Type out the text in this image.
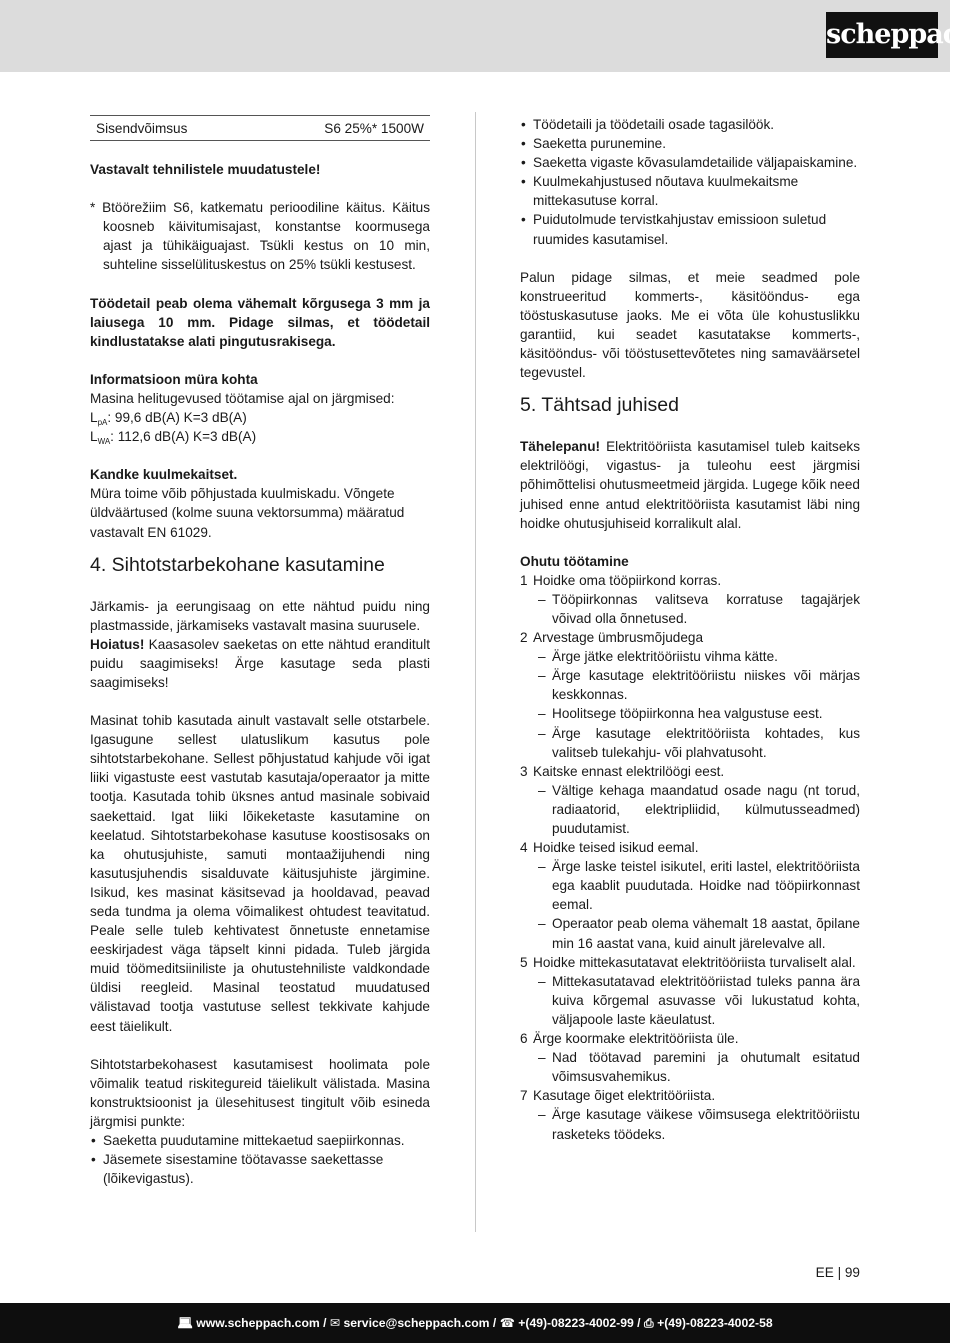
scheppach
Sisendvõimsus	S6 25%* 1500W

Vastavalt tehnilistele muudatustele!

* Btöörežiim S6, katkematu perioodiline käitus. Käitus koosneb käivitumisajast, konstantse koormusega ajast ja tühikäiguajast. Tsükli kestus on 10 min, suhteline sisselülituskestus on 25% tsükli kestusest.

Töödetail peab olema vähemalt kõrgusega 3 mm ja laiusega 10 mm. Pidage silmas, et töödetail kindlustatakse alati pingutusrakisega.

Informatsioon müra kohta

Masina helitugevused töötamise ajal on järgmised:

$L_{pA}$: 99,6 dB(A) K=3 dB(A)

$L_{WA}$: 112,6 dB(A) K=3 dB(A)

Kandke kuulmekaitset.

Müra toime võib põhjustada kuulmiskadu. Võngete üldväärtused (kolme suuna vektorsumma) määratud vastavalt EN 61029.

4. Sihtotstarbekohane kasutamine

Järkamis- ja eerungisaag on ette nähtud puidu ning plastmasside, järkamiseks vastavalt masina suurusele.

Hoiatus! Kaasasolev saeketas on ette nähtud eranditult puidu saagimiseks! Ärge kasutage seda plasti saagimiseks!

Masinat tohib kasutada ainult vastavalt selle otstarbele. Igasugune sellest ulatuslikum kasutus pole sihtotstarbekohane. Sellest põhjustatud kahjude või igat liiki vigastuste eest vastutab kasutaja/operaator ja mitte tootja. Kasutada tohib üksnes antud masinale sobivaid saekettaid. Igat liiki lõikeketaste kasutamine on keelatud. Sihtotstarbekohase kasutuse koostisosaks on ka ohutusjuhiste, samuti montaažijuhendi ning kasutusjuhendis sisalduvate käitusjuhiste järgimine. Isikud, kes masinat käsitsevad ja hooldavad, peavad seda tundma ja olema võimalikest ohtudest teavitatud. Peale selle tuleb kehtivatest õnnetuste ennetamise eeskirjadest väga täpselt kinni pidada. Tuleb järgida muid töömeditsiiniliste ja ohutustehniliste valdkondade üldisi reegleid. Masinal teostatud muudatused välistavad tootja vastutuse sellest tekkivate kahjude eest täielikult.

Sihtotstarbekohasest kasutamisest hoolimata pole võimalik teatud riskitegureid täielikult välistada. Masina konstruktsioonist ja ülesehitusest tingitult võib esineda järgmisi punkte:

• Saeketta puudutamine mittekaetud saepiirkonnas.
• Jäsemete sisestamine töötavasse saekettasse (lõikevigastus).
• Töödetaili ja töödetaili osade tagasilöök.
• Saeketta purunemine.
• Saeketta vigaste kõvasulamdetailide väljapaiskamine.
• Kuulmekahjustused nõutava kuulmekaitsme mittekasutuse korral.
• Puidutolmude tervistkahjustav emissioon suletud ruumides kasutamisel.

Palun pidage silmas, et meie seadmed pole konstrueeritud kommerts-, käsitööndus- ega tööstuskasutuse jaoks. Me ei võta üle kohustuslikku garantiid, kui seadet kasutatakse kommerts-, käsitööndus- või tööstusettevõtetes ning samaväärsetel tegevustel.

5. Tähtsad juhised

Tähelepanu! Elektritööriista kasutamisel tuleb kaitseks elektrilöögi, vigastus- ja tuleohu eest järgmisi põhimõttelisi ohutusmeetmeid järgida. Lugege kõik need juhised enne antud elektritööriista kasutamist läbi ning hoidke ohutusjuhiseid korralikult alal.

Ohutu töötamine

1 Hoidke oma tööpiirkond korras.

– Tööpiirkonnas valitseva korratuse tagajärjek võivad olla õnnetused.

2 Arvestage ümbrusmõjudega

– Ärge jätke elektritööriistu vihma kätte.

– Ärge kasutage elektritööriistu niiskes või märjas keskkonnas.

– Hoolitsege tööpiirkonna hea valgustuse eest.

– Ärge kasutage elektritööriista kohtades, kus valitseb tulekahju- või plahvatusoht.

3 Kaitske ennast elektrilöögi eest.

– Vältige kehaga maandatud osade nagu (nt torud, radiaatorid, elektripliidid, külmutusseadmed) puudutamist.

4 Hoidke teised isikud eemal.

– Ärge laske teistel isikutel, eriti lastel, elektritööriista ega kaablit puudutada. Hoidke nad tööpiirkonnast eemal.

– Operaator peab olema vähemalt 18 aastat, õpilane min 16 aastat vana, kuid ainult järelevalve all.

5 Hoidke mittekasutatavat elektritööriista turvaliselt alal.

– Mittekasutatavad elektritööriistad tuleks panna ära kuiva kõrgemal asuvasse või lukustatud kohta, väljapoole laste käeulatust.

6 Ärge koormake elektritööriista üle.

– Nad töötavad paremini ja ohutumalt esitatud võimsusvahemikus.

7 Kasutage õiget elektritööriista.

– Ärge kasutage väikese võimsusega elektritööriistu rasketeks töödeks.

EE | 99
💻︎ www.scheppach.com / ✉︎ service@scheppach.com / ☎ +(49)-08223-4002-99 / ⎙ +(49)-08223-4002-58
